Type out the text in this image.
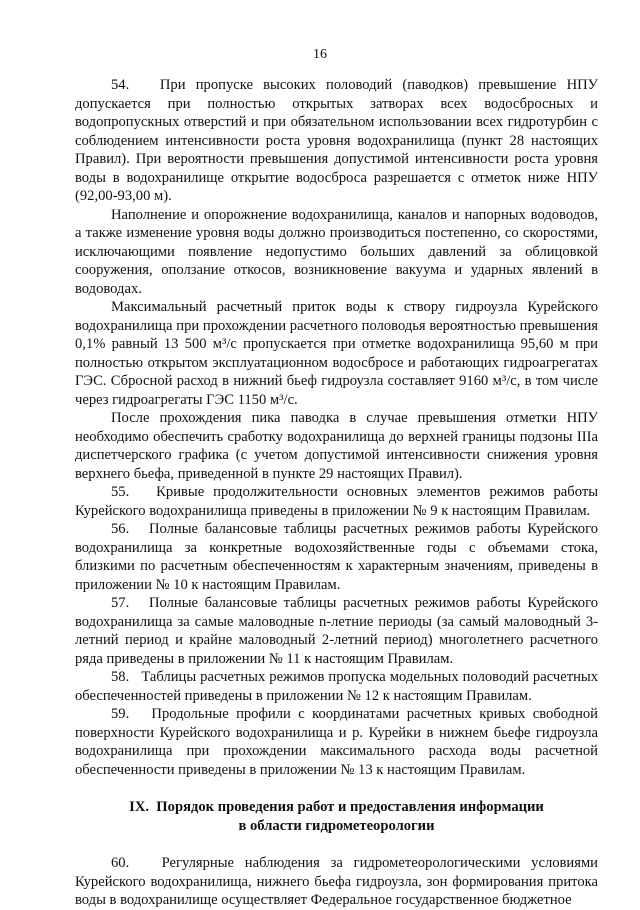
16

54.   При пропуске высоких половодий (паводков) превышение НПУ допускается при полностью открытых затворах всех водосбросных и водопропускных отверстий и при обязательном использовании всех гидротурбин с соблюдением интенсивности роста уровня водохранилища (пункт 28 настоящих Правил). При вероятности превышения допустимой интенсивности роста уровня воды в водохранилище открытие водосброса разрешается с отметок ниже НПУ (92,00-93,00 м).

Наполнение и опорожнение водохранилища, каналов и напорных водоводов, а также изменение уровня воды должно производиться постепенно, со скоростями, исключающими появление недопустимо больших давлений за облицовкой сооружения, оползание откосов, возникновение вакуума и ударных явлений в водоводах.

Максимальный расчетный приток воды к створу гидроузла Курейского водохранилища при прохождении расчетного половодья вероятностью превышения 0,1% равный 13 500 м³/с пропускается при отметке водохранилища 95,60 м при полностью открытом эксплуатационном водосбросе и работающих гидроагрегатах ГЭС. Сбросной расход в нижний бьеф гидроузла составляет 9160 м³/с, в том числе через гидроагрегаты ГЭС 1150 м³/с.

После прохождения пика паводка в случае превышения отметки НПУ необходимо обеспечить сработку водохранилища до верхней границы подзоны IIIa диспетчерского графика (с учетом допустимой интенсивности снижения уровня верхнего бьефа, приведенной в пункте 29 настоящих Правил).

55.   Кривые продолжительности основных элементов режимов работы Курейского водохранилища приведены в приложении № 9 к настоящим Правилам.

56.   Полные балансовые таблицы расчетных режимов работы Курейского водохранилища за конкретные водохозяйственные годы с объемами стока, близкими по расчетным обеспеченностям к характерным значениям, приведены в приложении № 10 к настоящим Правилам.

57.   Полные балансовые таблицы расчетных режимов работы Курейского водохранилища за самые маловодные n-летние периоды (за самый маловодный 3-летний период и крайне маловодный 2-летний период) многолетнего расчетного ряда приведены в приложении № 11 к настоящим Правилам.

58.   Таблицы расчетных режимов пропуска модельных половодий расчетных обеспеченностей приведены в приложении № 12 к настоящим Правилам.

59.   Продольные профили с координатами расчетных кривых свободной поверхности Курейского водохранилища и р. Курейки в нижнем бьефе гидроузла водохранилища при прохождении максимального расхода воды расчетной обеспеченности приведены в приложении № 13 к настоящим Правилам.

IX.  Порядок проведения работ и предоставления информации
в области гидрометеорологии

60.   Регулярные наблюдения за гидрометеорологическими условиями Курейского водохранилища, нижнего бьефа гидроузла, зон формирования притока воды в водохранилище осуществляет Федеральное государственное бюджетное
